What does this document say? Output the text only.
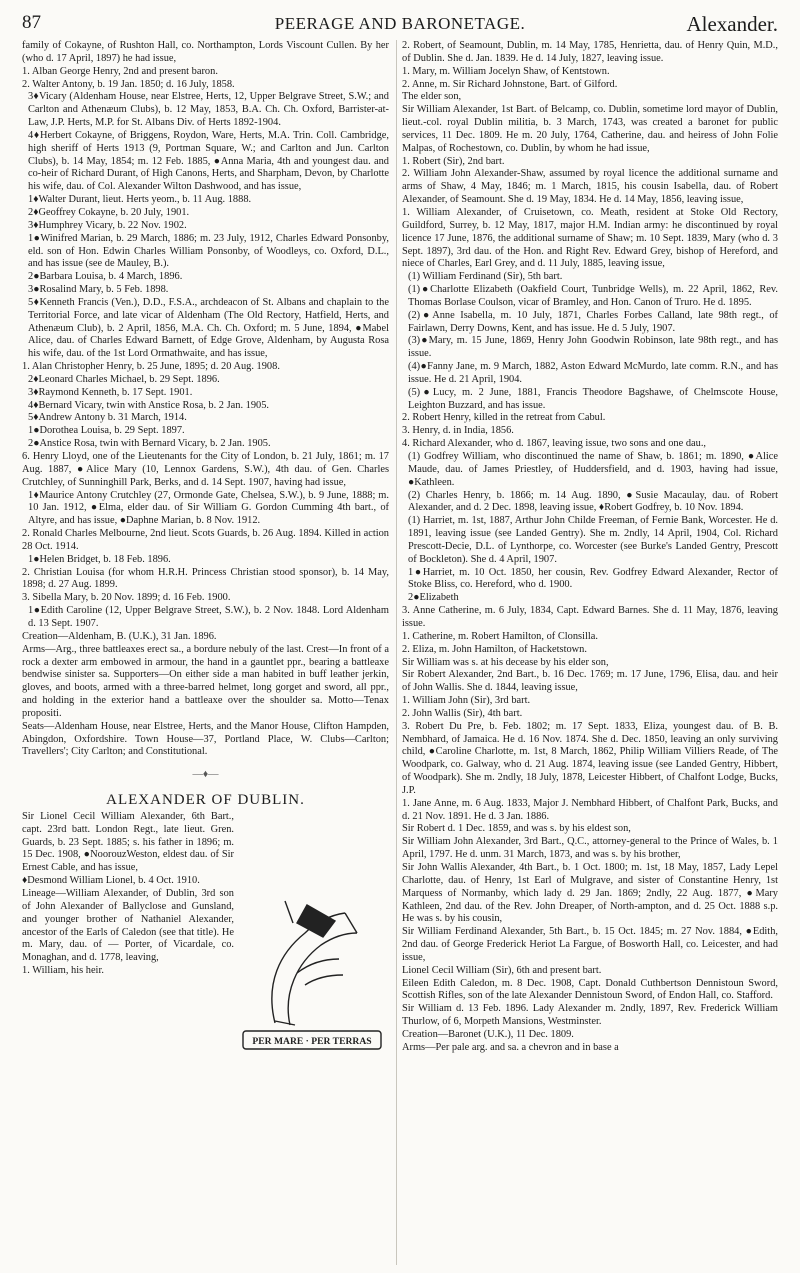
87	PEERAGE AND BARONETAGE.	Alexander.

family of Cokayne, of Rushton Hall, co. Northampton, Lords Viscount Cullen. By her (who d. 17 April, 1897) he had issue,

1. Alban George Henry, 2nd and present baron.

2. Walter Antony, b. 19 Jan. 1850; d. 16 July, 1858.

3♦Vicary (Aldenham House, near Elstree, Herts, 12, Upper Belgrave Street, S.W.; and Carlton and Athenæum Clubs), b. 12 May, 1853, B.A. Ch. Ch. Oxford, Barrister-at-Law, J.P. Herts, M.P. for St. Albans Div. of Herts 1892-1904.

4♦Herbert Cokayne, of Briggens, Roydon, Ware, Herts, M.A. Trin. Coll. Cambridge, high sheriff of Herts 1913 (9, Portman Square, W.; and Carlton and Jun. Carlton Clubs), b. 14 May, 1854; m. 12 Feb. 1885, ●Anna Maria, 4th and youngest dau. and co-heir of Richard Durant, of High Canons, Herts, and Sharpham, Devon, by Charlotte his wife, dau. of Col. Alexander Wilton Dashwood, and has issue,

1♦Walter Durant, lieut. Herts yeom., b. 11 Aug. 1888.

2♦Geoffrey Cokayne, b. 20 July, 1901.

3♦Humphrey Vicary, b. 22 Nov. 1902.

1●Winifred Marian, b. 29 March, 1886; m. 23 July, 1912, Charles Edward Ponsonby, eld. son of Hon. Edwin Charles William Ponsonby, of Woodleys, co. Oxford, D.L., and has issue (see de Mauley, B.).

2●Barbara Louisa, b. 4 March, 1896.

3●Rosalind Mary, b. 5 Feb. 1898.

5♦Kenneth Francis (Ven.), D.D., F.S.A., archdeacon of St. Albans and chaplain to the Territorial Force, and late vicar of Aldenham (The Old Rectory, Hatfield, Herts, and Athenæum Club), b. 2 April, 1856, M.A. Ch. Ch. Oxford; m. 5 June, 1894, ●Mabel Alice, dau. of Charles Edward Barnett, of Edge Grove, Aldenham, by Augusta Rosa his wife, dau. of the 1st Lord Ormathwaite, and has issue,

1. Alan Christopher Henry, b. 25 June, 1895; d. 20 Aug. 1908.

2♦Leonard Charles Michael, b. 29 Sept. 1896.

3♦Raymond Kenneth, b. 17 Sept. 1901.

4♦Bernard Vicary, twin with Anstice Rosa, b. 2 Jan. 1905.

5♦Andrew Antony b. 31 March, 1914.

1●Dorothea Louisa, b. 29 Sept. 1897.

2●Anstice Rosa, twin with Bernard Vicary, b. 2 Jan. 1905.

6. Henry Lloyd, one of the Lieutenants for the City of London, b. 21 July, 1861; m. 17 Aug. 1887, ●Alice Mary (10, Lennox Gardens, S.W.), 4th dau. of Gen. Charles Crutchley, of Sunninghill Park, Berks, and d. 14 Sept. 1907, having had issue,

1♦Maurice Antony Crutchley (27, Ormonde Gate, Chelsea, S.W.), b. 9 June, 1888; m. 10 Jan. 1912, ●Elma, elder dau. of Sir William G. Gordon Cumming 4th bart., of Altyre, and has issue, ●Daphne Marian, b. 8 Nov. 1912.

2. Ronald Charles Melbourne, 2nd lieut. Scots Guards, b. 26 Aug. 1894. Killed in action 28 Oct. 1914.

1●Helen Bridget, b. 18 Feb. 1896.

2. Christian Louisa (for whom H.R.H. Princess Christian stood sponsor), b. 14 May, 1898; d. 27 Aug. 1899.

3. Sibella Mary, b. 20 Nov. 1899; d. 16 Feb. 1900.

1●Edith Caroline (12, Upper Belgrave Street, S.W.), b. 2 Nov. 1848. Lord Aldenham d. 13 Sept. 1907.

Creation—Aldenham, B. (U.K.), 31 Jan. 1896.

Arms—Arg., three battleaxes erect sa., a bordure nebuly of the last. Crest—In front of a rock a dexter arm embowed in armour, the hand in a gauntlet ppr., bearing a battleaxe bendwise sinister sa. Supporters—On either side a man habited in buff leather jerkin, gloves, and boots, armed with a three-barred helmet, long gorget and sword, all ppr., and holding in the exterior hand a battleaxe over the shoulder sa. Motto—Tenax propositi.

Seats—Aldenham House, near Elstree, Herts, and the Manor House, Clifton Hampden, Abingdon, Oxfordshire. Town House—37, Portland Place, W. Clubs—Carlton; Travellers'; City Carlton; and Constitutional.

—♦—
ALEXANDER OF DUBLIN.

Sir Lionel Cecil William Alexander, 6th Bart., capt. 23rd batt. London Regt., late lieut. Gren. Guards, b. 23 Sept. 1885; s. his father in 1896; m. 15 Dec. 1908, ●NoorouzWeston, eldest dau. of Sir Ernest Cable, and has issue,

♦Desmond William Lionel, b. 4 Oct. 1910.

Lineage—William Alexander, of Dublin, 3rd son of John Alexander of Ballyclose and Gunsland, and younger brother of Nathaniel Alexander, ancestor of the Earls of Caledon (see that title). He m. Mary, dau. of — Porter, of Vicardale, co. Monaghan, and d. 1778, leaving,

1. William, his heir.

PER MARE · PER TERRAS

2. Robert, of Seamount, Dublin, m. 14 May, 1785, Henrietta, dau. of Henry Quin, M.D., of Dublin. She d. Jan. 1839. He d. 14 July, 1827, leaving issue.

1. Mary, m. William Jocelyn Shaw, of Kentstown.

2. Anne, m. Sir Richard Johnstone, Bart. of Gilford.

The elder son,

Sir William Alexander, 1st Bart. of Belcamp, co. Dublin, sometime lord mayor of Dublin, lieut.-col. royal Dublin militia, b. 3 March, 1743, was created a baronet for public services, 11 Dec. 1809. He m. 20 July, 1764, Catherine, dau. and heiress of John Folie Malpas, of Rochestown, co. Dublin, by whom he had issue,

1. Robert (Sir), 2nd bart.

2. William John Alexander-Shaw, assumed by royal licence the additional surname and arms of Shaw, 4 May, 1846; m. 1 March, 1815, his cousin Isabella, dau. of Robert Alexander, of Seamount. She d. 19 May, 1834. He d. 14 May, 1856, leaving issue,

1. William Alexander, of Cruisetown, co. Meath, resident at Stoke Old Rectory, Guildford, Surrey, b. 12 May, 1817, major H.M. Indian army: he discontinued by royal licence 17 June, 1876, the additional surname of Shaw; m. 10 Sept. 1839, Mary (who d. 3 Sept. 1897), 3rd dau. of the Hon. and Right Rev. Edward Grey, bishop of Hereford, and niece of Charles, Earl Grey, and d. 11 July, 1885, leaving issue,

(1) William Ferdinand (Sir), 5th bart.

(1)●Charlotte Elizabeth (Oakfield Court, Tunbridge Wells), m. 22 April, 1862, Rev. Thomas Borlase Coulson, vicar of Bramley, and Hon. Canon of Truro. He d. 1895.

(2)●Anne Isabella, m. 10 July, 1871, Charles Forbes Calland, late 98th regt., of Fairlawn, Derry Downs, Kent, and has issue. He d. 5 July, 1907.

(3)●Mary, m. 15 June, 1869, Henry John Goodwin Robinson, late 98th regt., and has issue.

(4)●Fanny Jane, m. 9 March, 1882, Aston Edward McMurdo, late comm. R.N., and has issue. He d. 21 April, 1904.

(5)●Lucy, m. 2 June, 1881, Francis Theodore Bagshawe, of Chelmscote House, Leighton Buzzard, and has issue.

2. Robert Henry, killed in the retreat from Cabul.

3. Henry, d. in India, 1856.

4. Richard Alexander, who d. 1867, leaving issue, two sons and one dau.,

(1) Godfrey William, who discontinued the name of Shaw, b. 1861; m. 1890, ●Alice Maude, dau. of James Priestley, of Huddersfield, and d. 1903, having had issue, ●Kathleen.

(2) Charles Henry, b. 1866; m. 14 Aug. 1890, ●Susie Macaulay, dau. of Robert Alexander, and d. 2 Dec. 1898, leaving issue, ♦Robert Godfrey, b. 10 Nov. 1894.

(1) Harriet, m. 1st, 1887, Arthur John Childe Freeman, of Fernie Bank, Worcester. He d. 1891, leaving issue (see Landed Gentry). She m. 2ndly, 14 April, 1904, Col. Richard Prescott-Decie, D.L. of Lynthorpe, co. Worcester (see Burke's Landed Gentry, Prescott of Bockleton). She d. 4 April, 1907.

1●Harriet, m. 10 Oct. 1850, her cousin, Rev. Godfrey Edward Alexander, Rector of Stoke Bliss, co. Hereford, who d. 1900.

2●Elizabeth

3. Anne Catherine, m. 6 July, 1834, Capt. Edward Barnes. She d. 11 May, 1876, leaving issue.

1. Catherine, m. Robert Hamilton, of Clonsilla.

2. Eliza, m. John Hamilton, of Hacketstown.

Sir William was s. at his decease by his elder son,

Sir Robert Alexander, 2nd Bart., b. 16 Dec. 1769; m. 17 June, 1796, Elisa, dau. and heir of John Wallis. She d. 1844, leaving issue,

1. William John (Sir), 3rd bart.

2. John Wallis (Sir), 4th bart.

3. Robert Du Pre, b. Feb. 1802; m. 17 Sept. 1833, Eliza, youngest dau. of B. B. Nembhard, of Jamaica. He d. 16 Nov. 1874. She d. Dec. 1850, leaving an only surviving child, ●Caroline Charlotte, m. 1st, 8 March, 1862, Philip William Villiers Reade, of The Woodpark, co. Galway, who d. 21 Aug. 1874, leaving issue (see Landed Gentry, Hibbert, of Woodpark). She m. 2ndly, 18 July, 1878, Leicester Hibbert, of Chalfont Lodge, Bucks, J.P.

1. Jane Anne, m. 6 Aug. 1833, Major J. Nembhard Hibbert, of Chalfont Park, Bucks, and d. 21 Nov. 1891. He d. 3 Jan. 1886.

Sir Robert d. 1 Dec. 1859, and was s. by his eldest son,

Sir William John Alexander, 3rd Bart., Q.C., attorney-general to the Prince of Wales, b. 1 April, 1797. He d. unm. 31 March, 1873, and was s. by his brother,

Sir John Wallis Alexander, 4th Bart., b. 1 Oct. 1800; m. 1st, 18 May, 1857, Lady Lepel Charlotte, dau. of Henry, 1st Earl of Mulgrave, and sister of Constantine Henry, 1st Marquess of Normanby, which lady d. 29 Jan. 1869; 2ndly, 22 Aug. 1877, ●Mary Kathleen, 2nd dau. of the Rev. John Dreaper, of North-ampton, and d. 25 Oct. 1888 s.p. He was s. by his cousin,

Sir William Ferdinand Alexander, 5th Bart., b. 15 Oct. 1845; m. 27 Nov. 1884, ●Edith, 2nd dau. of George Frederick Heriot La Fargue, of Bosworth Hall, co. Leicester, and had issue,

Lionel Cecil William (Sir), 6th and present bart.

Eileen Edith Caledon, m. 8 Dec. 1908, Capt. Donald Cuthbertson Dennistoun Sword, Scottish Rifles, son of the late Alexander Dennistoun Sword, of Endon Hall, co. Stafford.

Sir William d. 13 Feb. 1896. Lady Alexander m. 2ndly, 1897, Rev. Frederick William Thurlow, of 6, Morpeth Mansions, Westminster.

Creation—Baronet (U.K.), 11 Dec. 1809.

Arms—Per pale arg. and sa. a chevron and in base a
